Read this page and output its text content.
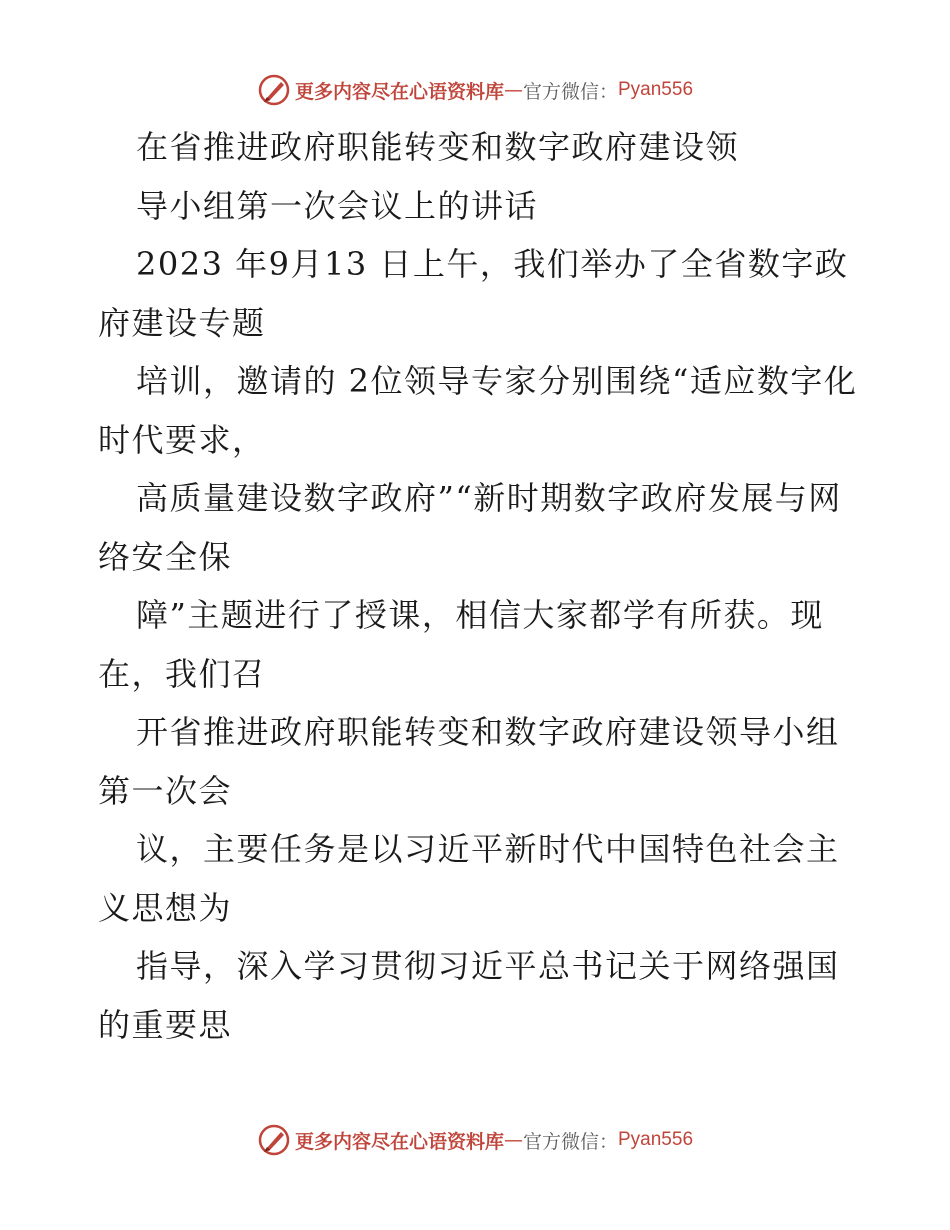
更多内容尽在心语资料库 — 官方微信： Pyan556

在省推进政府职能转变和数字政府建设领

导小组第一次会议上的讲话

2023 年9月13 日上午，我们举办了全省数字政府建设专题

培训，邀请的 2位领导专家分别围绕“适应数字化时代要求，

高质量建设数字政府”“新时期数字政府发展与网络安全保

障”主题进行了授课，相信大家都学有所获。现在，我们召

开省推进政府职能转变和数字政府建设领导小组第一次会

议，主要任务是以习近平新时代中国特色社会主义思想为

指导，深入学习贯彻习近平总书记关于网络强国的重要思

更多内容尽在心语资料库 — 官方微信： Pyan556
